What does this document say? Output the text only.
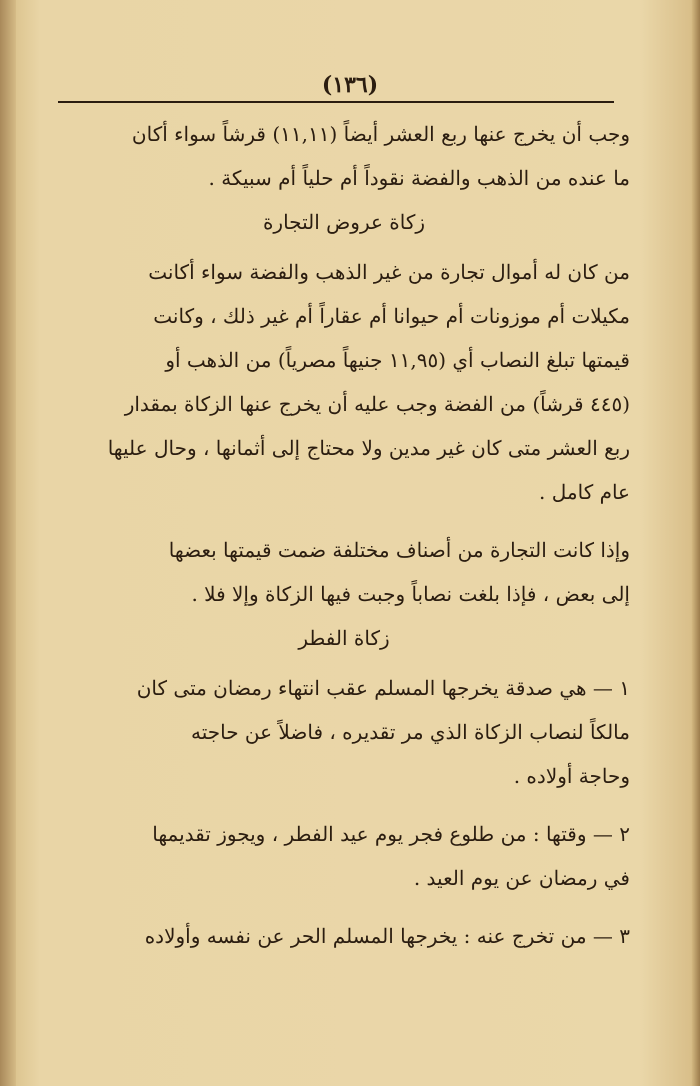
(١٣٦)
وجب أن يخرج عنها ربع العشر أيضاً (١١,١١) قرشاً سواء أكان
ما عنده من الذهب والفضة نقوداً أم حلياً أم سبيكة .
زكاة عروض التجارة
من كان له أموال تجارة من غير الذهب والفضة سواء أكانت
مكيلات أم موزونات أم حيوانا أم عقاراً أم غير ذلك ، وكانت
قيمتها تبلغ النصاب أي (١١,٩٥ جنيهاً مصرياً) من الذهب أو
(٤٤٥ قرشاً) من الفضة وجب عليه أن يخرج عنها الزكاة بمقدار
ربع العشر متى كان غير مدين ولا محتاج إلى أثمانها ، وحال عليها
عام كامل .
وإذا كانت التجارة من أصناف مختلفة ضمت قيمتها بعضها
إلى بعض ، فإذا بلغت نصاباً وجبت فيها الزكاة وإلا فلا .
زكاة الفطر
١ — هي صدقة يخرجها المسلم عقب انتهاء رمضان متى كان
مالكاً لنصاب الزكاة الذي مر تقديره ، فاضلاً عن حاجته
وحاجة أولاده .
٢ — وقتها : من طلوع فجر يوم عيد الفطر ، ويجوز تقديمها
في رمضان عن يوم العيد .
٣ — من تخرج عنه : يخرجها المسلم الحر عن نفسه وأولاده
